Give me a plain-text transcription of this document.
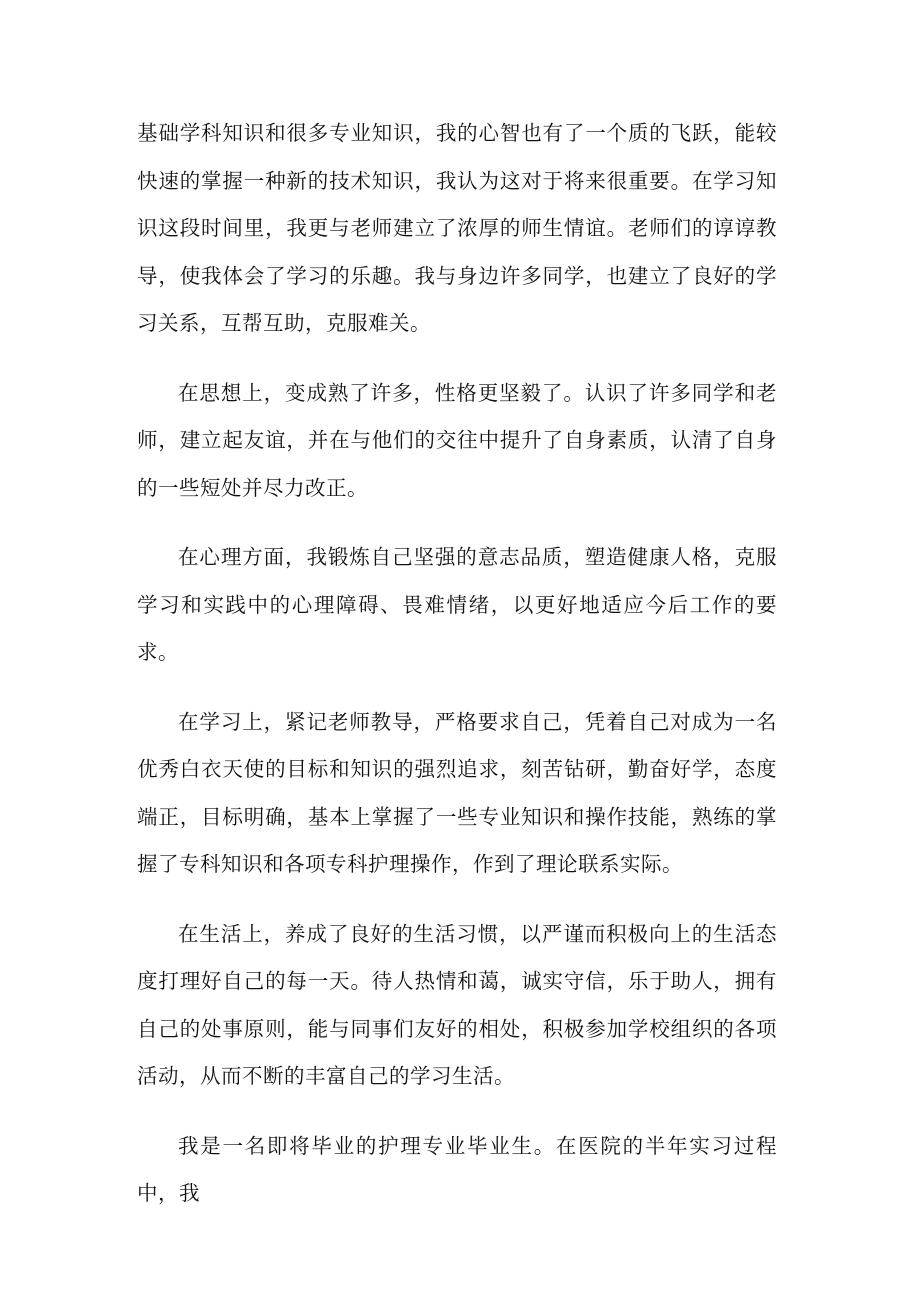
基础学科知识和很多专业知识，我的心智也有了一个质的飞跃，能较快速的掌握一种新的技术知识，我认为这对于将来很重要。在学习知识这段时间里，我更与老师建立了浓厚的师生情谊。老师们的谆谆教导，使我体会了学习的乐趣。我与身边许多同学，也建立了良好的学习关系，互帮互助，克服难关。

在思想上，变成熟了许多，性格更坚毅了。认识了许多同学和老师，建立起友谊，并在与他们的交往中提升了自身素质，认清了自身的一些短处并尽力改正。

在心理方面，我锻炼自己坚强的意志品质，塑造健康人格，克服学习和实践中的心理障碍、畏难情绪，以更好地适应今后工作的要求。

在学习上，紧记老师教导，严格要求自己，凭着自己对成为一名优秀白衣天使的目标和知识的强烈追求，刻苦钻研，勤奋好学，态度端正，目标明确，基本上掌握了一些专业知识和操作技能，熟练的掌握了专科知识和各项专科护理操作，作到了理论联系实际。

在生活上，养成了良好的生活习惯，以严谨而积极向上的生活态度打理好自己的每一天。待人热情和蔼，诚实守信，乐于助人，拥有自己的处事原则，能与同事们友好的相处，积极参加学校组织的各项活动，从而不断的丰富自己的学习生活。

我是一名即将毕业的护理专业毕业生。在医院的半年实习过程中，我
